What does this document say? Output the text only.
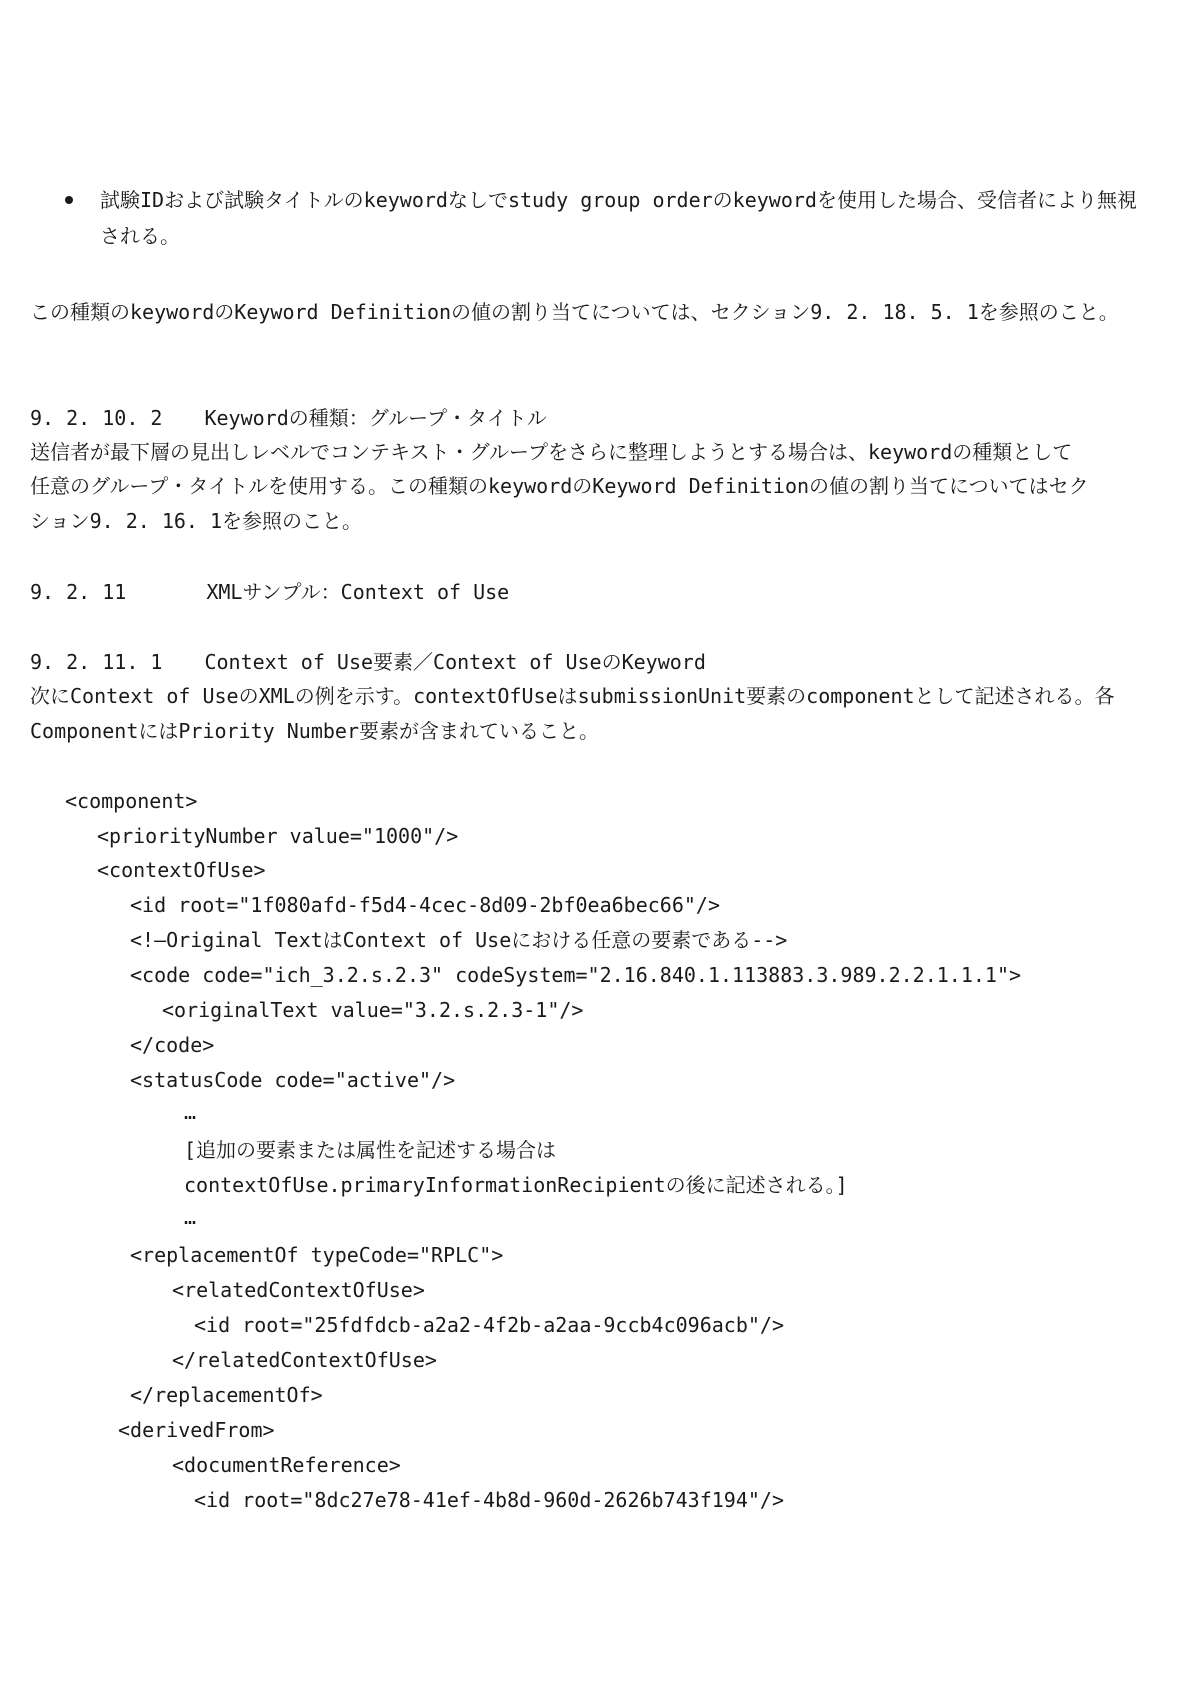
試験IDおよび試験タイトルのkeywordなしでstudy group orderのkeywordを使用した場合、受信者により無視
される。
この種類のkeywordのKeyword Definitionの値の割り当てについては、セクション9. 2. 18. 5. 1を参照のこと。
9. 2. 10. 2 Keywordの種類：グループ・タイトル
送信者が最下層の見出しレベルでコンテキスト・グループをさらに整理しようとする場合は、keywordの種類として
任意のグループ・タイトルを使用する。この種類のkeywordのKeyword Definitionの値の割り当てについてはセク
ション9. 2. 16. 1を参照のこと。
9. 2. 11	XMLサンプル：Context of Use
9. 2. 11. 1 Context of Use要素／Context of UseのKeyword
次にContext of UseのXMLの例を示す。contextOfUseはsubmissionUnit要素のcomponentとして記述される。各
ComponentにはPriority Number要素が含まれていること。
<component>
<priorityNumber value="1000"/>
<contextOfUse>
<id root="1f080afd-f5d4-4cec-8d09-2bf0ea6bec66"/>
<!—Original TextはContext of Useにおける任意の要素である-->
<code code="ich_3.2.s.2.3" codeSystem="2.16.840.1.113883.3.989.2.2.1.1.1">
<originalText value="3.2.s.2.3-1"/>
</code>
<statusCode code="active"/>
…
[追加の要素または属性を記述する場合は
contextOfUse.primaryInformationRecipientの後に記述される。]
…
<replacementOf typeCode="RPLC">
<relatedContextOfUse>
<id root="25fdfdcb-a2a2-4f2b-a2aa-9ccb4c096acb"/>
</relatedContextOfUse>
</replacementOf>
<derivedFrom>
<documentReference>
<id root="8dc27e78-41ef-4b8d-960d-2626b743f194"/>
